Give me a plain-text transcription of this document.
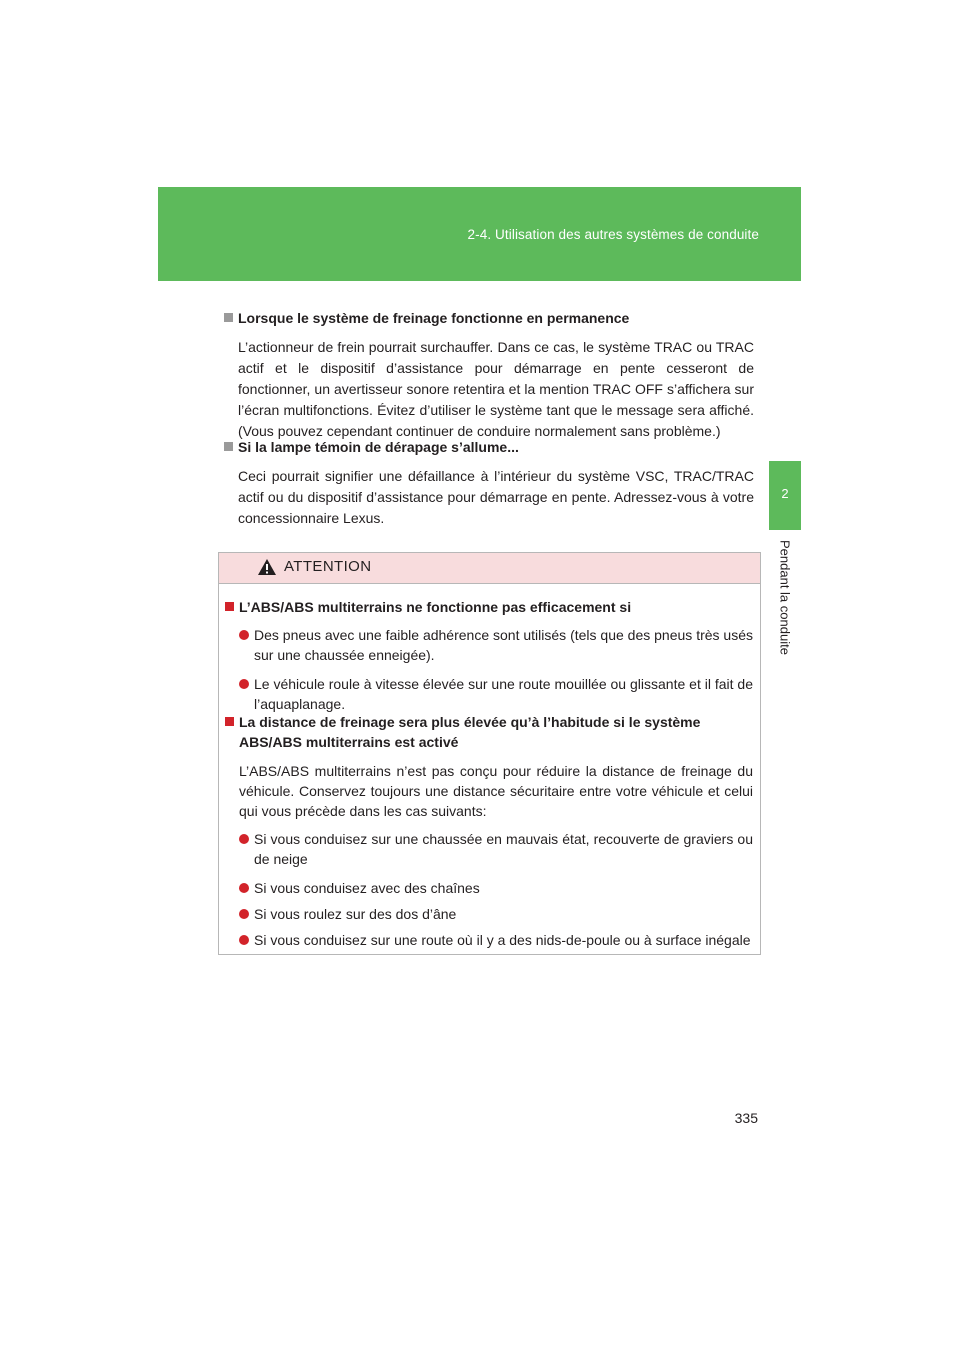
2-4. Utilisation des autres systèmes de conduite
2
Pendant la conduite
Lorsque le système de freinage fonctionne en permanence
L’actionneur de frein pourrait surchauffer. Dans ce cas, le système TRAC ou TRAC actif et le dispositif d’assistance pour démarrage en pente cesseront de fonctionner, un avertisseur sonore retentira et la mention TRAC OFF s’affichera sur l’écran multifonctions. Évitez d’utiliser le système tant que le message sera affiché. (Vous pouvez cependant continuer de conduire normalement sans problème.)
Si la lampe témoin de dérapage s’allume...
Ceci pourrait signifier une défaillance à l’intérieur du système VSC, TRAC/TRAC actif ou du dispositif d’assistance pour démarrage en pente. Adressez-vous à votre concessionnaire Lexus.
ATTENTION
L’ABS/ABS multiterrains ne fonctionne pas efficacement si
Des pneus avec une faible adhérence sont utilisés (tels que des pneus très usés sur une chaussée enneigée).
Le véhicule roule à vitesse élevée sur une route mouillée ou glissante et il fait de l’aquaplanage.
La distance de freinage sera plus élevée qu’à l’habitude si le système ABS/ABS multiterrains est activé
L’ABS/ABS multiterrains n’est pas conçu pour réduire la distance de freinage du véhicule. Conservez toujours une distance sécuritaire entre votre véhicule et celui qui vous précède dans les cas suivants:
Si vous conduisez sur une chaussée en mauvais état, recouverte de graviers ou de neige
Si vous conduisez avec des chaînes
Si vous roulez sur des dos d’âne
Si vous conduisez sur une route où il y a des nids-de-poule ou à surface inégale
335
